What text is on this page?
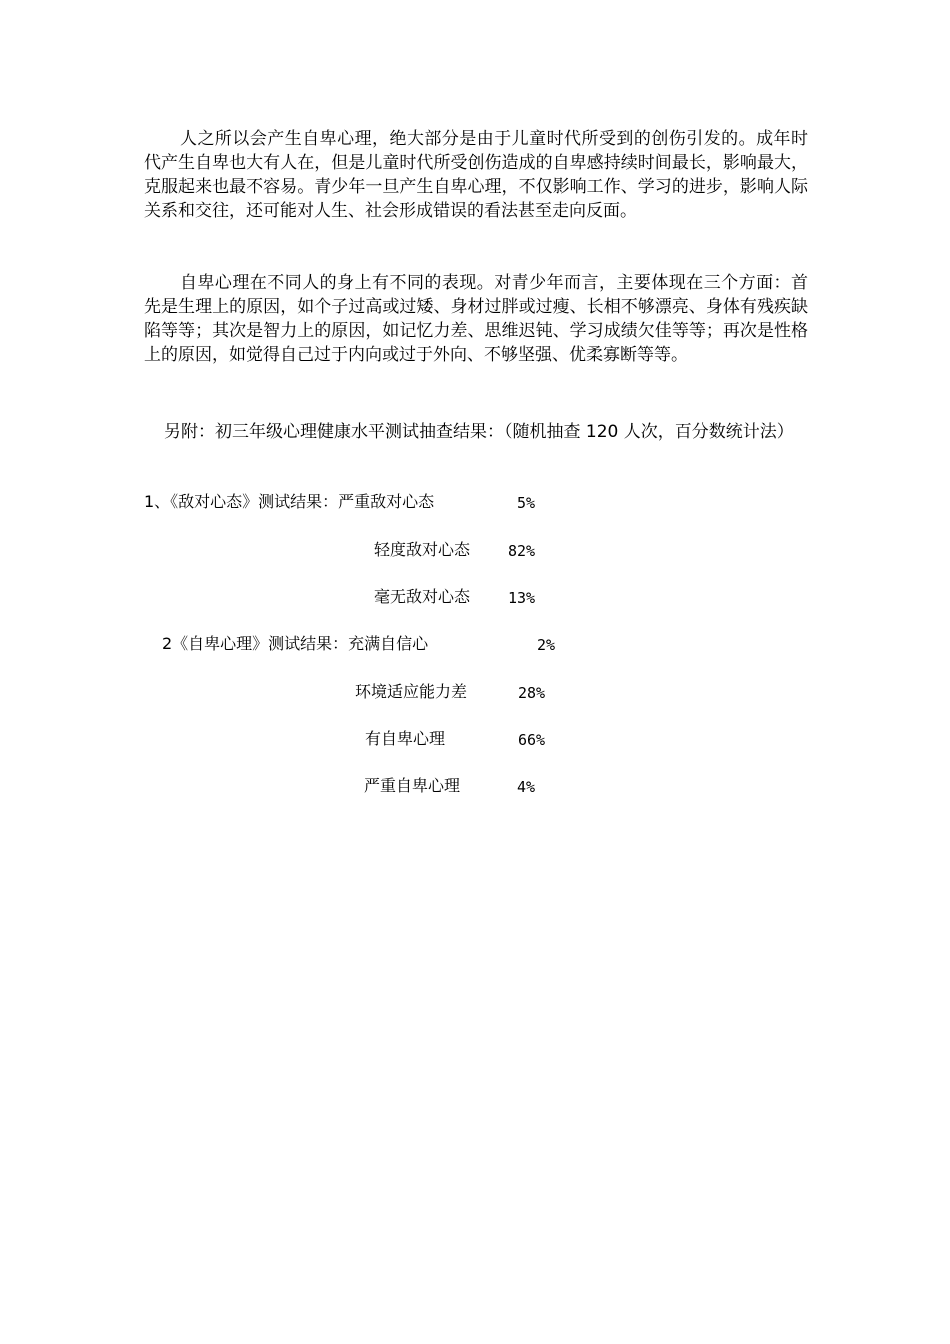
人之所以会产生自卑心理，绝大部分是由于儿童时代所受到的创伤引发的。成年时代产生自卑也大有人在，但是儿童时代所受创伤造成的自卑感持续时间最长，影响最大，克服起来也最不容易。青少年一旦产生自卑心理，不仅影响工作、学习的进步，影响人际关系和交往，还可能对人生、社会形成错误的看法甚至走向反面。

自卑心理在不同人的身上有不同的表现。对青少年而言，主要体现在三个方面：首先是生理上的原因，如个子过高或过矮、身材过胖或过瘦、长相不够漂亮、身体有残疾缺陷等等；其次是智力上的原因，如记忆力差、思维迟钝、学习成绩欠佳等等；再次是性格上的原因，如觉得自己过于内向或过于外向、不够坚强、优柔寡断等等。

另附：初三年级心理健康水平测试抽查结果：（随机抽查 120 人次，百分数统计法）

1、《敌对心态》测试结果：严重敌对心态	5%
轻度敌对心态	82%
毫无敌对心态	13%
2《自卑心理》测试结果：充满自信心	2%
环境适应能力差	28%
有自卑心理	66%
严重自卑心理	4%
